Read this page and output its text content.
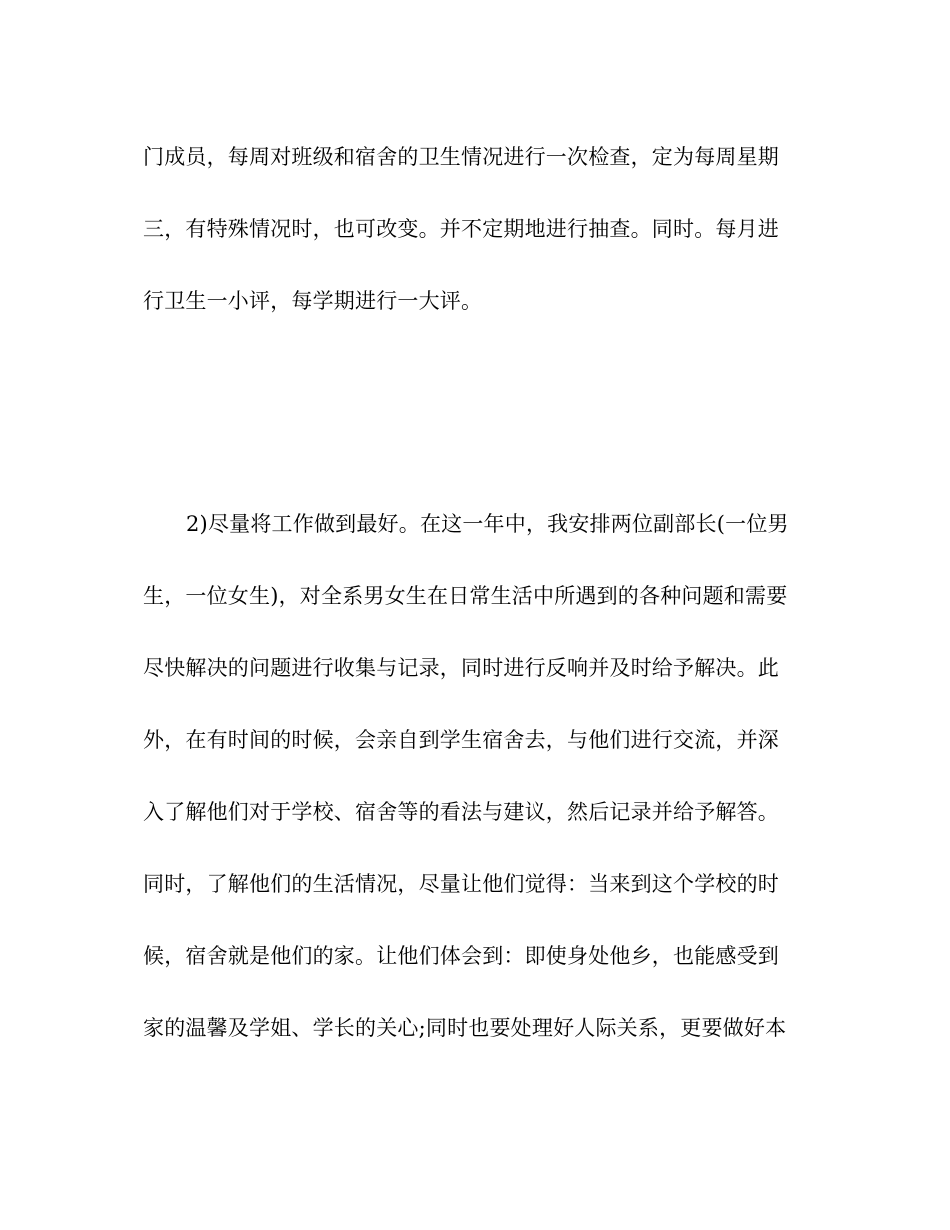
门成员，每周对班级和宿舍的卫生情况进行一次检查，定为每周星期
三，有特殊情况时，也可改变。并不定期地进行抽查。同时。每月进
行卫生一小评，每学期进行一大评。
2)尽量将工作做到最好。在这一年中，我安排两位副部长(一位男
生，一位女生)，对全系男女生在日常生活中所遇到的各种问题和需要
尽快解决的问题进行收集与记录，同时进行反响并及时给予解决。此
外，在有时间的时候，会亲自到学生宿舍去，与他们进行交流，并深
入了解他们对于学校、宿舍等的看法与建议，然后记录并给予解答。
同时，了解他们的生活情况，尽量让他们觉得：当来到这个学校的时
候，宿舍就是他们的家。让他们体会到：即使身处他乡，也能感受到
家的温馨及学姐、学长的关心;同时也要处理好人际关系，更要做好本
